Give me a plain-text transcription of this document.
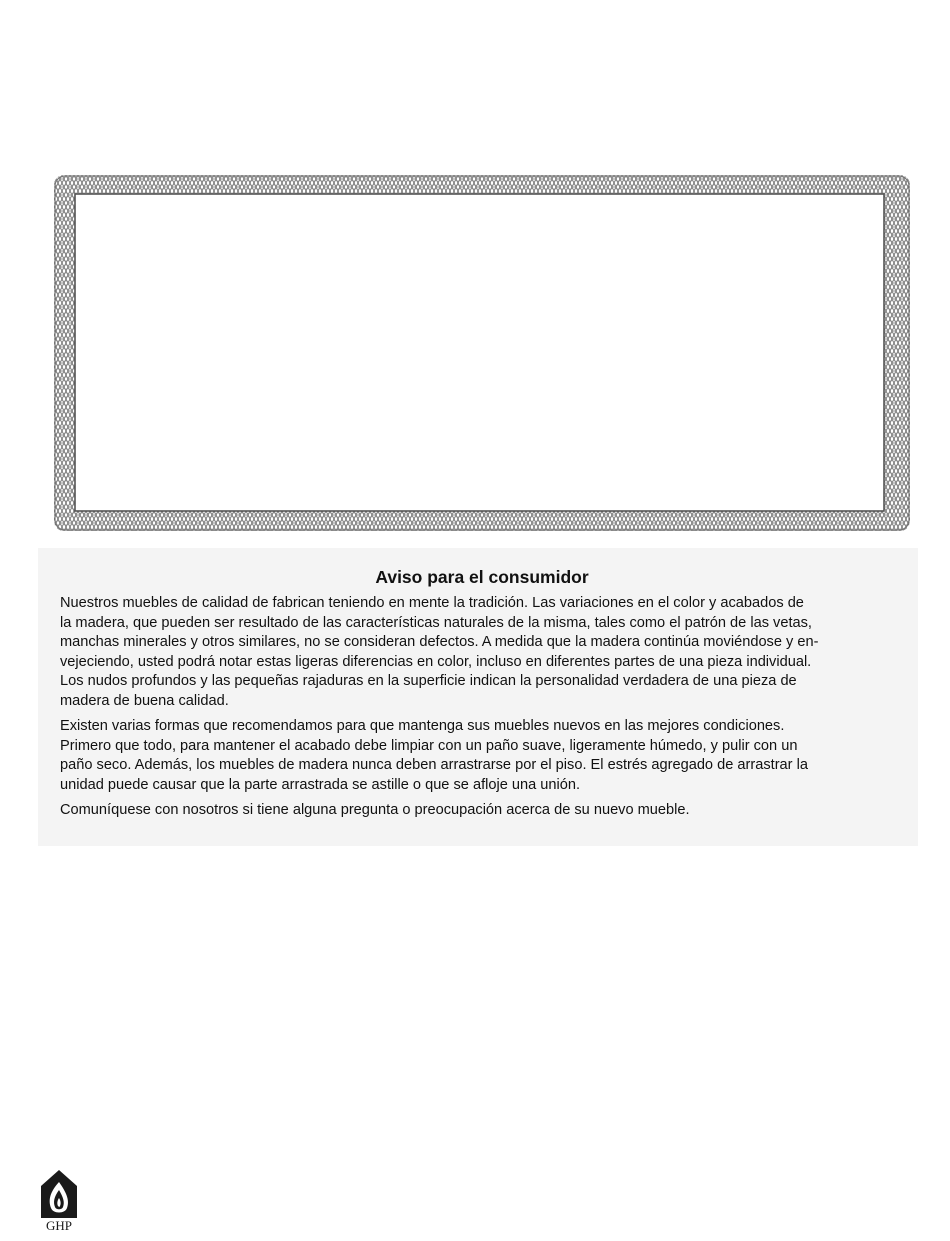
Aviso para el consumidor

Nuestros muebles de calidad de fabrican teniendo en mente la tradición. Las variaciones en el color y acabados de
la madera, que pueden ser resultado de las características naturales de la misma, tales como el patrón de las vetas,
manchas minerales y otros similares, no se consideran defectos. A medida que la madera continúa moviéndose y en-
vejeciendo, usted podrá notar estas ligeras diferencias en color, incluso en diferentes partes de una pieza individual.
Los nudos profundos y las pequeñas rajaduras en la superficie indican la personalidad verdadera de una pieza de
madera de buena calidad.

Existen varias formas que recomendamos para que mantenga sus muebles nuevos en las mejores condiciones.
Primero que todo, para mantener el acabado debe limpiar con un paño suave, ligeramente húmedo, y pulir con un
paño seco. Además, los muebles de madera nunca deben arrastrarse por el piso. El estrés agregado de arrastrar la
unidad puede causar que la parte arrastrada se astille o que se afloje una unión.

Comuníquese con nosotros si tiene alguna pregunta o preocupación acerca de su nuevo mueble.

GHP
